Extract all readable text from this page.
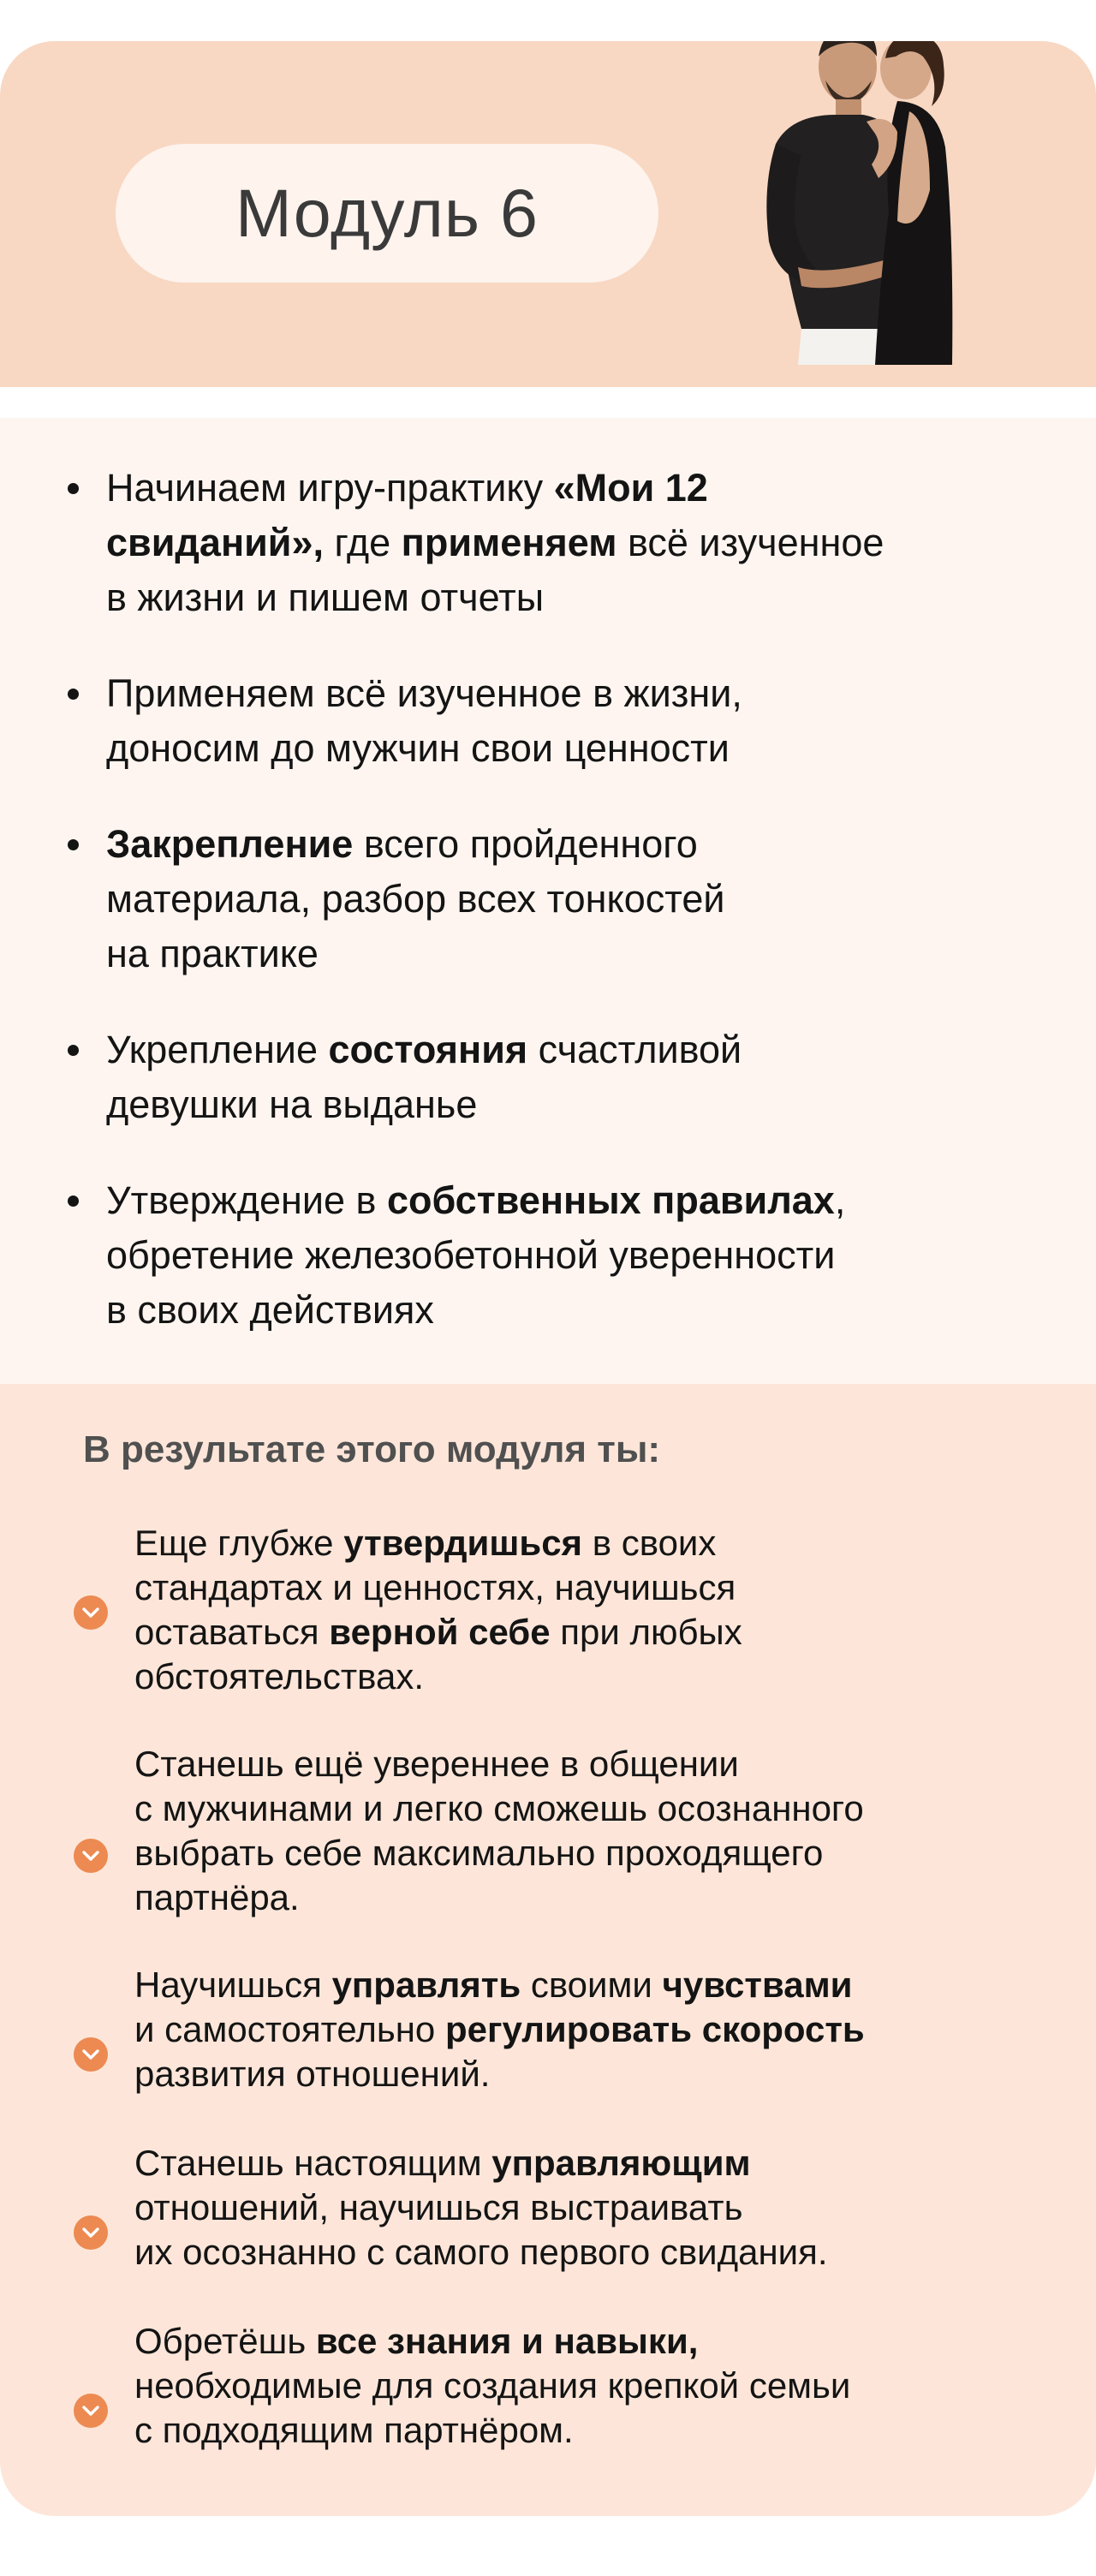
Модуль 6
Начинаем игру-практику «Мои 12
свиданий», где применяем всё изученное
в жизни и пишем отчеты
Применяем всё изученное в жизни,
доносим до мужчин свои ценности
Закрепление всего пройденного
материала, разбор всех тонкостей
на практике
Укрепление состояния счастливой
девушки на выданье
Утверждение в собственных правилах,
обретение железобетонной уверенности
в своих действиях
В результате этого модуля ты:
Еще глубже утвердишься в своих
стандартах и ценностях, научишься
оставаться верной себе при любых
обстоятельствах.
Станешь ещё увереннее в общении
с мужчинами и легко сможешь осознанного
выбрать себе максимально проходящего
партнёра.
Научишься управлять своими чувствами
и самостоятельно регулировать скорость
развития отношений.
Станешь настоящим управляющим
отношений, научишься выстраивать
их осознанно с самого первого свидания.
Обретёшь все знания и навыки,
необходимые для создания крепкой семьи
с подходящим партнёром.
